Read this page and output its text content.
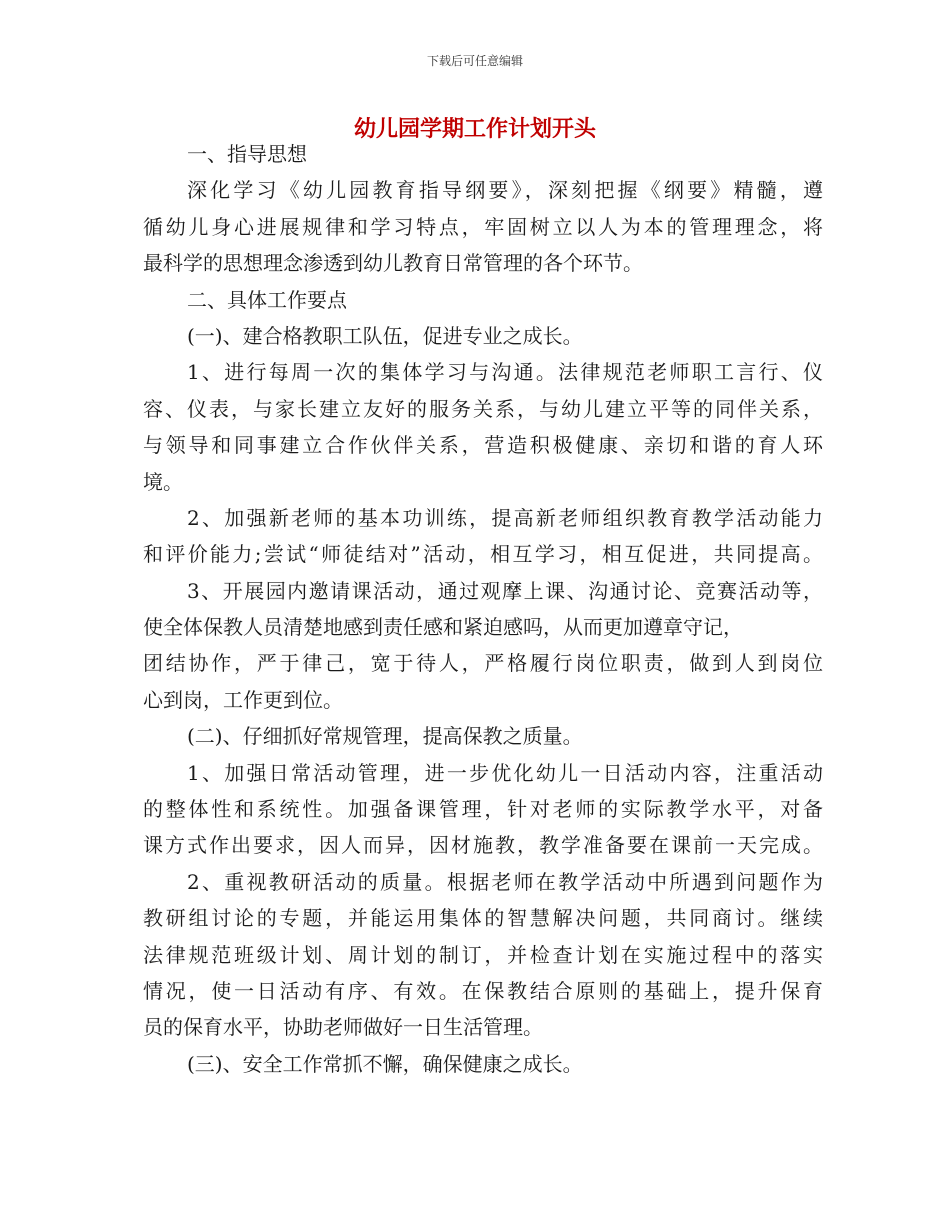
下载后可任意编辑
幼儿园学期工作计划开头
一、指导思想
深化学习《幼儿园教育指导纲要》，深刻把握《纲要》精髓，遵
循幼儿身心进展规律和学习特点，牢固树立以人为本的管理理念，将
最科学的思想理念渗透到幼儿教育日常管理的各个环节。
二、具体工作要点
(一)、建合格教职工队伍，促进专业之成长。
1、进行每周一次的集体学习与沟通。法律规范老师职工言行、仪
容、仪表，与家长建立友好的服务关系，与幼儿建立平等的同伴关系，
与领导和同事建立合作伙伴关系，营造积极健康、亲切和谐的育人环
境。
2、加强新老师的基本功训练，提高新老师组织教育教学活动能力
和评价能力;尝试“师徒结对”活动，相互学习，相互促进，共同提高。
3、开展园内邀请课活动，通过观摩上课、沟通讨论、竞赛活动等，
使全体保教人员清楚地感到责任感和紧迫感吗，从而更加遵章守记，
团结协作，严于律己，宽于待人，严格履行岗位职责，做到人到岗位
心到岗，工作更到位。
(二)、仔细抓好常规管理，提高保教之质量。
1、加强日常活动管理，进一步优化幼儿一日活动内容，注重活动
的整体性和系统性。加强备课管理，针对老师的实际教学水平，对备
课方式作出要求，因人而异，因材施教，教学准备要在课前一天完成。
2、重视教研活动的质量。根据老师在教学活动中所遇到问题作为
教研组讨论的专题，并能运用集体的智慧解决问题，共同商讨。继续
法律规范班级计划、周计划的制订，并检查计划在实施过程中的落实
情况，使一日活动有序、有效。在保教结合原则的基础上，提升保育
员的保育水平，协助老师做好一日生活管理。
(三)、安全工作常抓不懈，确保健康之成长。
